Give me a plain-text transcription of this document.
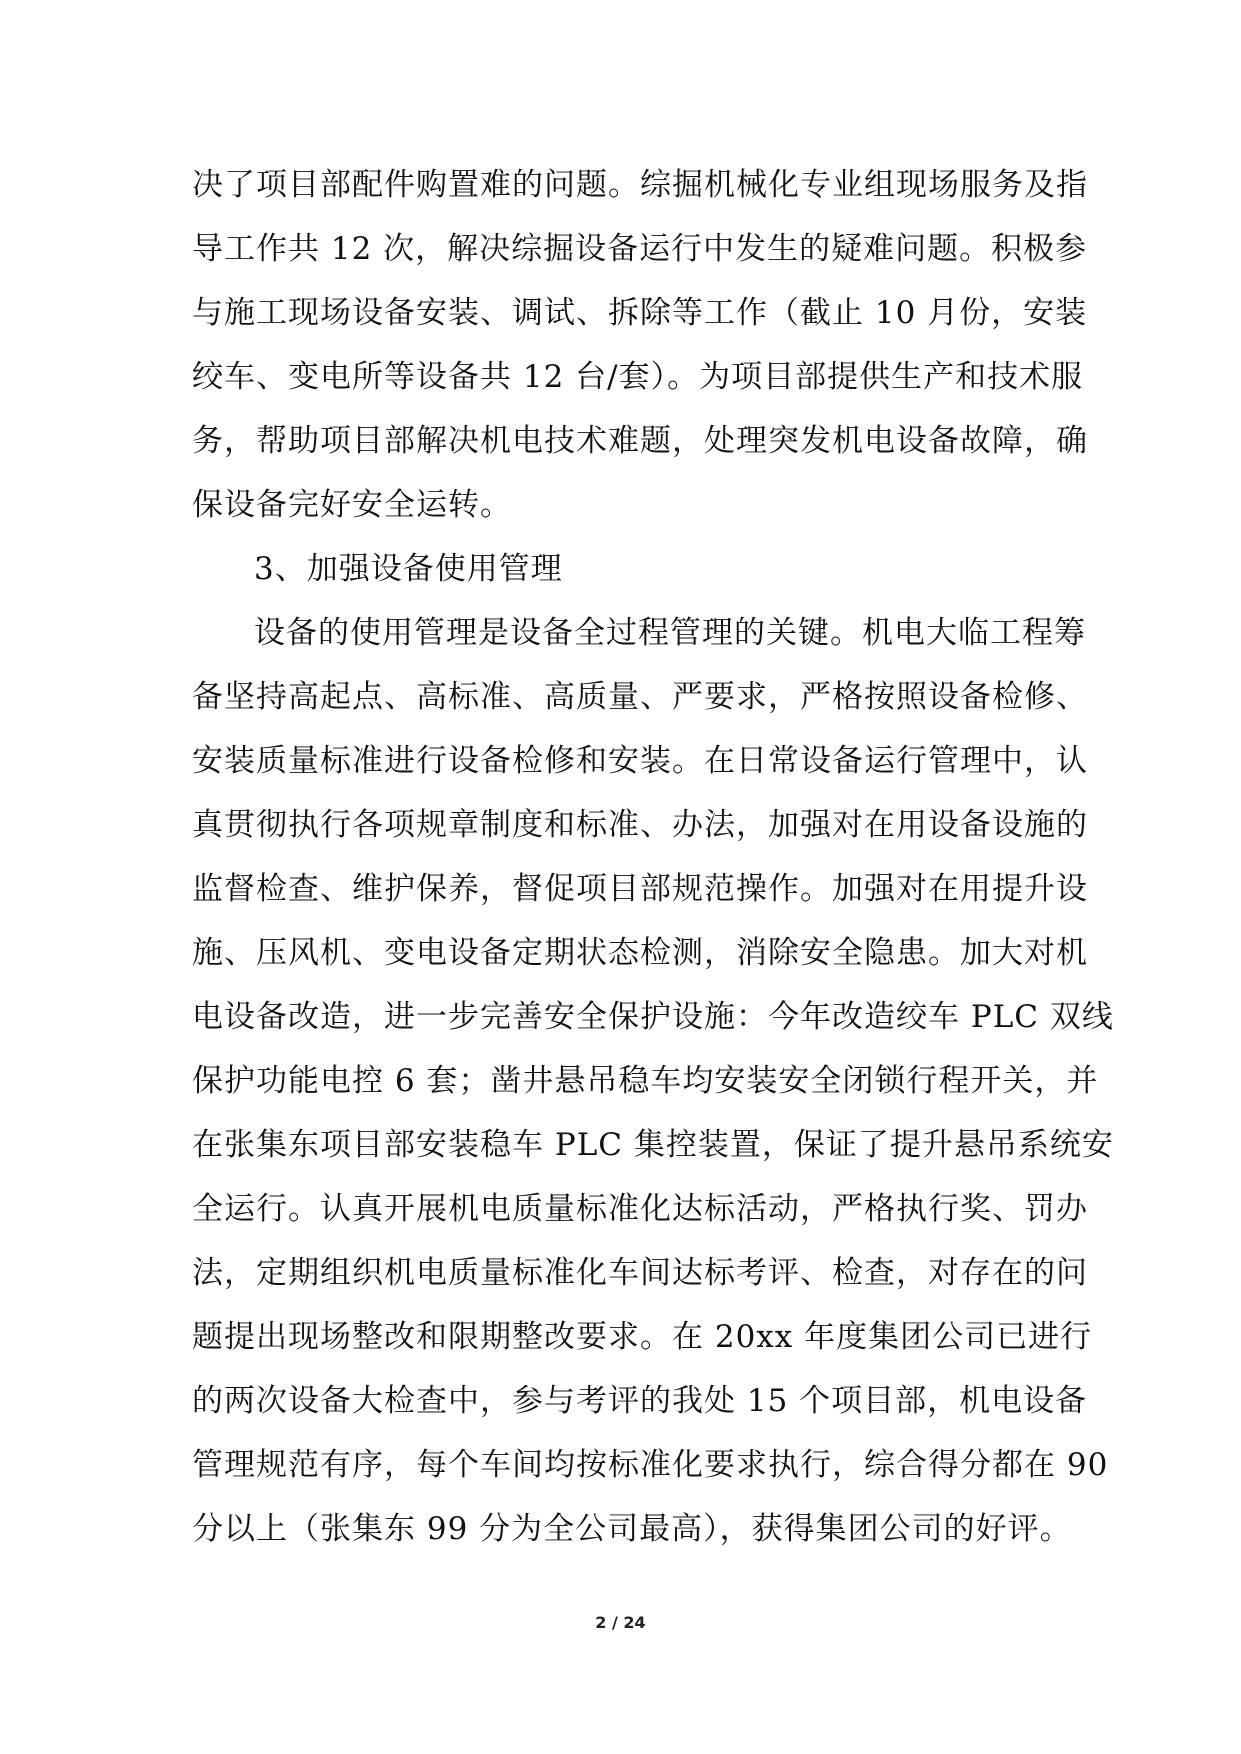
决了项目部配件购置难的问题。综掘机械化专业组现场服务及指
导工作共 12 次，解决综掘设备运行中发生的疑难问题。积极参
与施工现场设备安装、调试、拆除等工作（截止 10 月份，安装
绞车、变电所等设备共 12 台/套）。为项目部提供生产和技术服
务，帮助项目部解决机电技术难题，处理突发机电设备故障，确
保设备完好安全运转。
3、加强设备使用管理
设备的使用管理是设备全过程管理的关键。机电大临工程筹
备坚持高起点、高标准、高质量、严要求，严格按照设备检修、
安装质量标准进行设备检修和安装。在日常设备运行管理中，认
真贯彻执行各项规章制度和标准、办法，加强对在用设备设施的
监督检查、维护保养，督促项目部规范操作。加强对在用提升设
施、压风机、变电设备定期状态检测，消除安全隐患。加大对机
电设备改造，进一步完善安全保护设施：今年改造绞车 PLC 双线
保护功能电控 6 套；凿井悬吊稳车均安装安全闭锁行程开关，并
在张集东项目部安装稳车 PLC 集控装置，保证了提升悬吊系统安
全运行。认真开展机电质量标准化达标活动，严格执行奖、罚办
法，定期组织机电质量标准化车间达标考评、检查，对存在的问
题提出现场整改和限期整改要求。在 20xx 年度集团公司已进行
的两次设备大检查中，参与考评的我处 15 个项目部，机电设备
管理规范有序，每个车间均按标准化要求执行，综合得分都在 90
分以上（张集东 99 分为全公司最高），获得集团公司的好评。
2 / 24
